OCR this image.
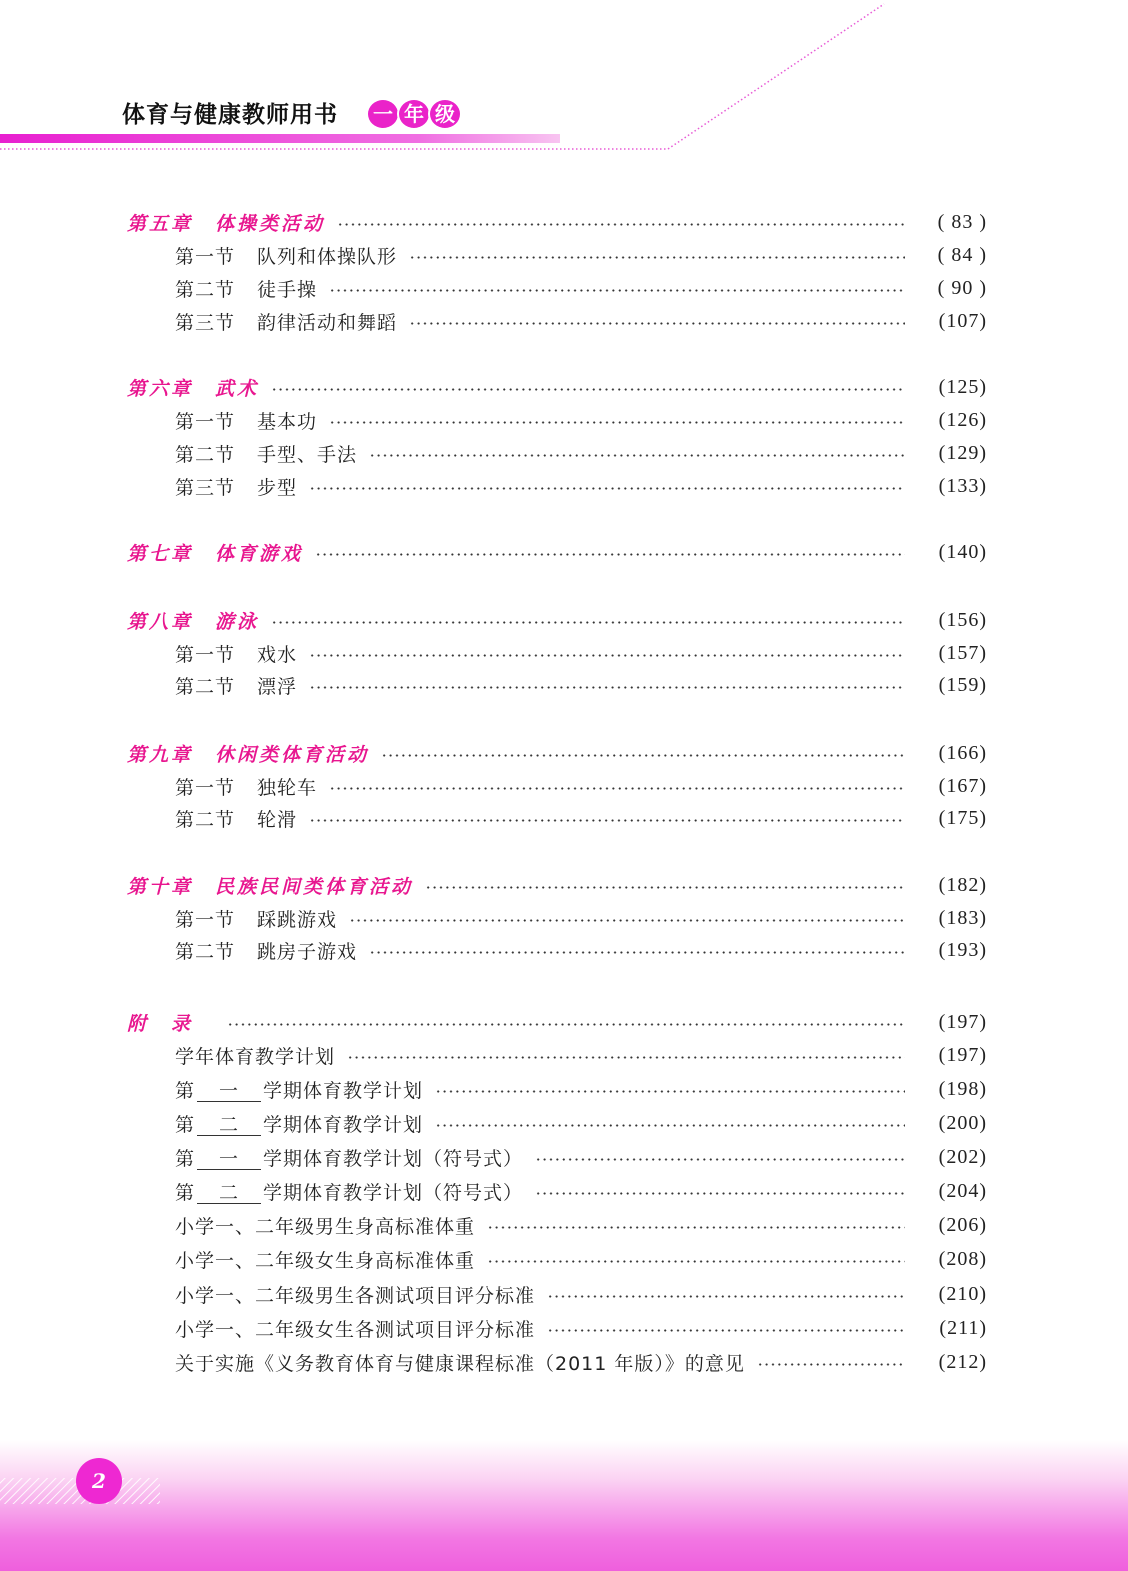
体育与健康教师用书	一 年 级
第五章 体操类活动	( 83 )
第一节 队列和体操队形	( 84 )
第二节 徒手操	( 90 )
第三节 韵律活动和舞蹈	(107)
第六章 武术	(125)
第一节 基本功	(126)
第二节 手型、手法	(129)
第三节 步型	(133)
第七章 体育游戏	(140)
第八章 游泳	(156)
第一节 戏水	(157)
第二节 漂浮	(159)
第九章 休闲类体育活动	(166)
第一节 独轮车	(167)
第二节 轮滑	(175)
第十章 民族民间类体育活动	(182)
第一节 踩跳游戏	(183)
第二节 跳房子游戏	(193)
附　录	(197)
学年体育教学计划	(197)
第 一 学期体育教学计划	(198)
第 二 学期体育教学计划	(200)
第 一 学期体育教学计划（符号式）	(202)
第 二 学期体育教学计划（符号式）	(204)
小学一、二年级男生身高标准体重	(206)
小学一、二年级女生身高标准体重	(208)
小学一、二年级男生各测试项目评分标准	(210)
小学一、二年级女生各测试项目评分标准	(211)
关于实施《义务教育体育与健康课程标准（2011 年版）》的意见	(212)
2
